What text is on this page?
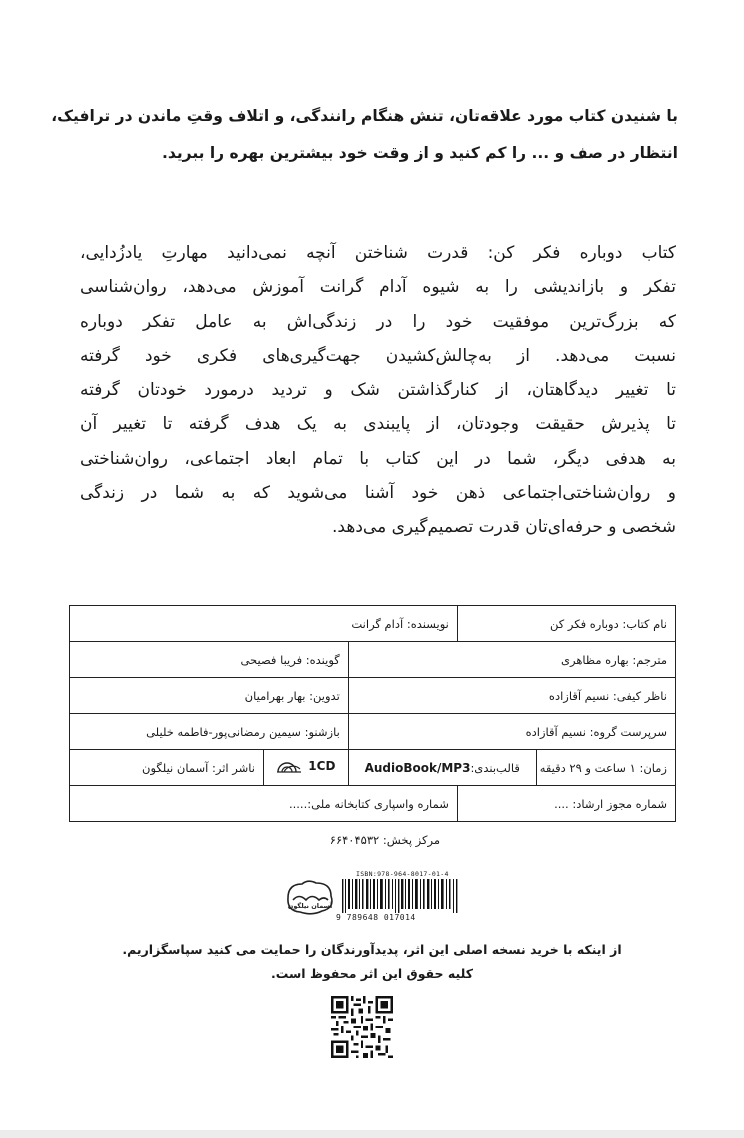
با شنیدن کتاب مورد علاقه‌تان، تنش هنگام رانندگی، و اتلاف وقتِ ماندن در ترافیک،
انتظار در صف و ... را کم کنید و از وقت خود بیشترین بهره را ببرید.
کتاب دوباره فکر کن: قدرت شناختن آنچه نمی‌دانید مهارتِ یادزُدایی،
تفکر و بازاندیشی را به شیوه آدام گرانت آموزش می‌دهد، روان‌شناسی
که بزرگ‌ترین موفقیت خود را در زندگی‌اش به عامل تفکر دوباره
نسبت می‌دهد. از به‌چالش‌کشیدن جهت‌گیری‌های فکری خود گرفته
تا تغییر دیدگاهتان، از کنارگذاشتن شک و تردید درمورد خودتان گرفته
تا پذیرش حقیقت وجودتان، از پایبندی به یک هدف گرفته تا تغییر آن
به هدفی دیگر، شما در این کتاب با تمام ابعاد اجتماعی، روان‌شناختی
و روان‌شناختی‌اجتماعی ذهن خود آشنا می‌شوید که به شما در زندگی
شخصی و حرفه‌ای‌تان قدرت تصمیم‌گیری می‌دهد.
نام کتاب: دوباره فکر کن		نویسنده: آدام گرانت		
مترجم: بهاره مظاهری			گوینده: فریبا فصیحی	
ناظر کیفی: نسیم آقازاده			تدوین: بهار بهرامیان	
سرپرست گروه: نسیم آقازاده			بازشنو: سیمین رمضانی‌پور-فاطمه خلیلی	
زمان: ۱ ساعت و ۲۹ دقیقه	قالب‌بندی:AudioBook/MP3		1CD	ناشر اثر: آسمان نیلگون
شماره مجوز ارشاد: ....		شماره واسپاری کتابخانه ملی:.....		
مرکز پخش: ۶۶۴۰۴۵۳۲
ISBN:978-964-8017-01-4
آسمان نیلگون
9 789648 017014
از اینکه با خرید نسخه اصلی این اثر، پدیدآورندگان را حمایت می کنید سپاسگزاریم.
کلیه حقوق این اثر محفوظ است.
